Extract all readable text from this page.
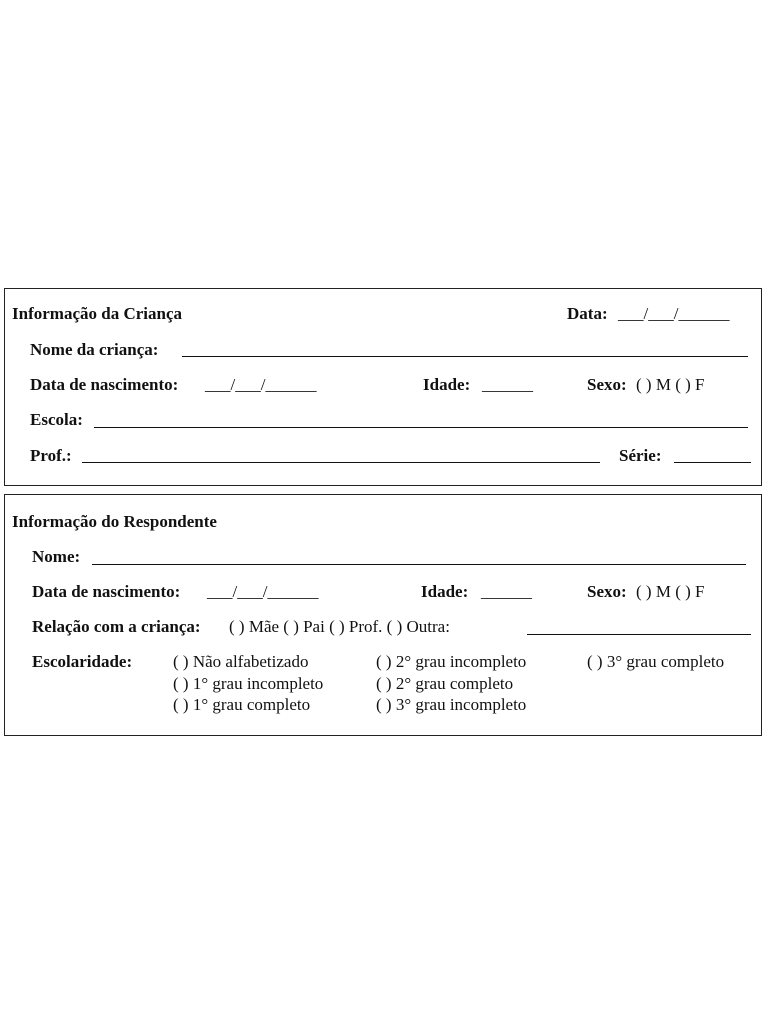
Informação da Criança	Data: ___/___/______
Nome da criança:
Data de nascimento: ___/___/______	Idade: ______	Sexo: ( ) M ( ) F
Escola:
Prof.:	Série:
Informação do Respondente
Nome:
Data de nascimento: ___/___/______	Idade: ______	Sexo: ( ) M ( ) F
Relação com a criança: ( ) Mãe ( ) Pai ( ) Prof. ( ) Outra:
Escolaridade: ( ) Não alfabetizado
( ) 1° grau incompleto
( ) 1° grau completo
( ) 2° grau incompleto
( ) 2° grau completo
( ) 3° grau incompleto
( ) 3° grau completo
